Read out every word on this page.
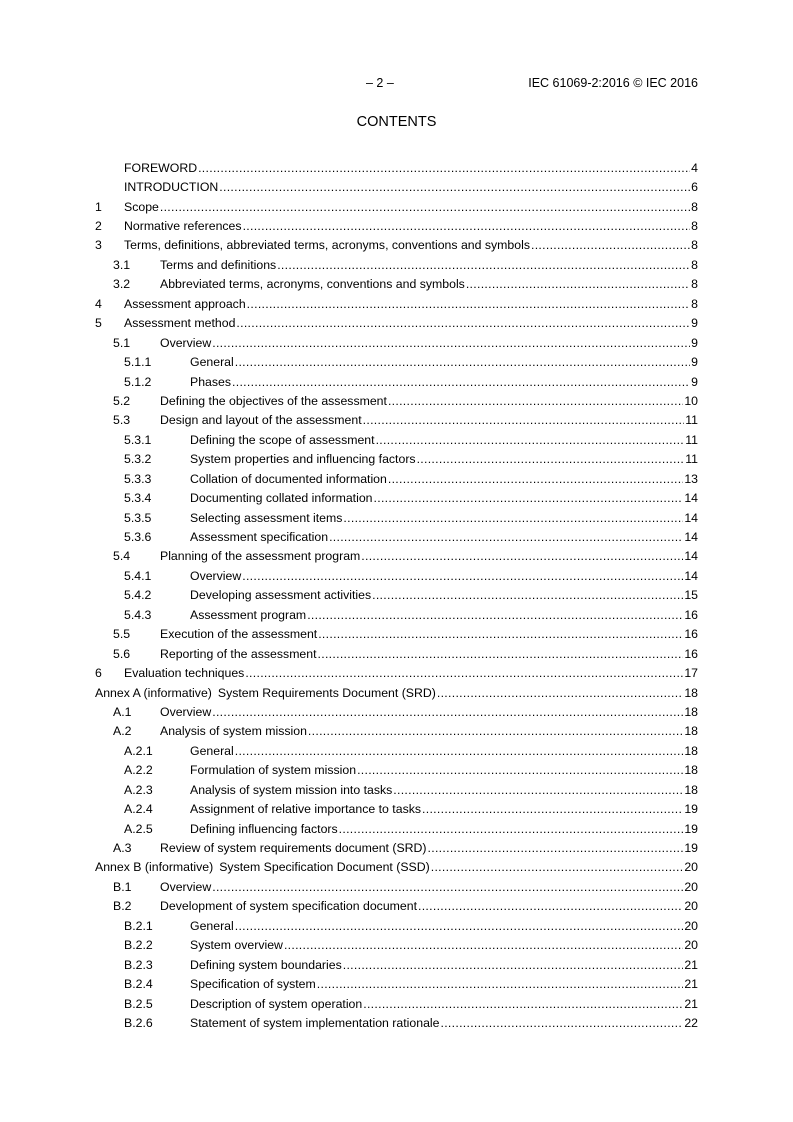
– 2 –	IEC 61069-2:2016 © IEC 2016
CONTENTS
FOREWORD .....	4
INTRODUCTION .....	6
1	Scope .....	8
2	Normative references .....	8
3	Terms, definitions, abbreviated terms, acronyms, conventions and symbols .....	8
3.1	Terms and definitions .....	8
3.2	Abbreviated terms, acronyms, conventions and symbols .....	8
4	Assessment approach .....	8
5	Assessment method .....	9
5.1	Overview .....	9
5.1.1	General .....	9
5.1.2	Phases .....	9
5.2	Defining the objectives of the assessment .....	10
5.3	Design and layout of the assessment .....	11
5.3.1	Defining the scope of assessment .....	11
5.3.2	System properties and influencing factors .....	11
5.3.3	Collation of documented information .....	13
5.3.4	Documenting collated information .....	14
5.3.5	Selecting assessment items .....	14
5.3.6	Assessment specification .....	14
5.4	Planning of the assessment program .....	14
5.4.1	Overview .....	14
5.4.2	Developing assessment activities .....	15
5.4.3	Assessment program .....	16
5.5	Execution of the assessment .....	16
5.6	Reporting of the assessment .....	16
6	Evaluation techniques .....	17
Annex A (informative) System Requirements Document (SRD) .....	18
A.1	Overview .....	18
A.2	Analysis of system mission .....	18
A.2.1	General .....	18
A.2.2	Formulation of system mission .....	18
A.2.3	Analysis of system mission into tasks .....	18
A.2.4	Assignment of relative importance to tasks .....	19
A.2.5	Defining influencing factors .....	19
A.3	Review of system requirements document (SRD) .....	19
Annex B (informative) System Specification Document (SSD) .....	20
B.1	Overview .....	20
B.2	Development of system specification document .....	20
B.2.1	General .....	20
B.2.2	System overview .....	20
B.2.3	Defining system boundaries .....	21
B.2.4	Specification of system .....	21
B.2.5	Description of system operation .....	21
B.2.6	Statement of system implementation rationale .....	22
